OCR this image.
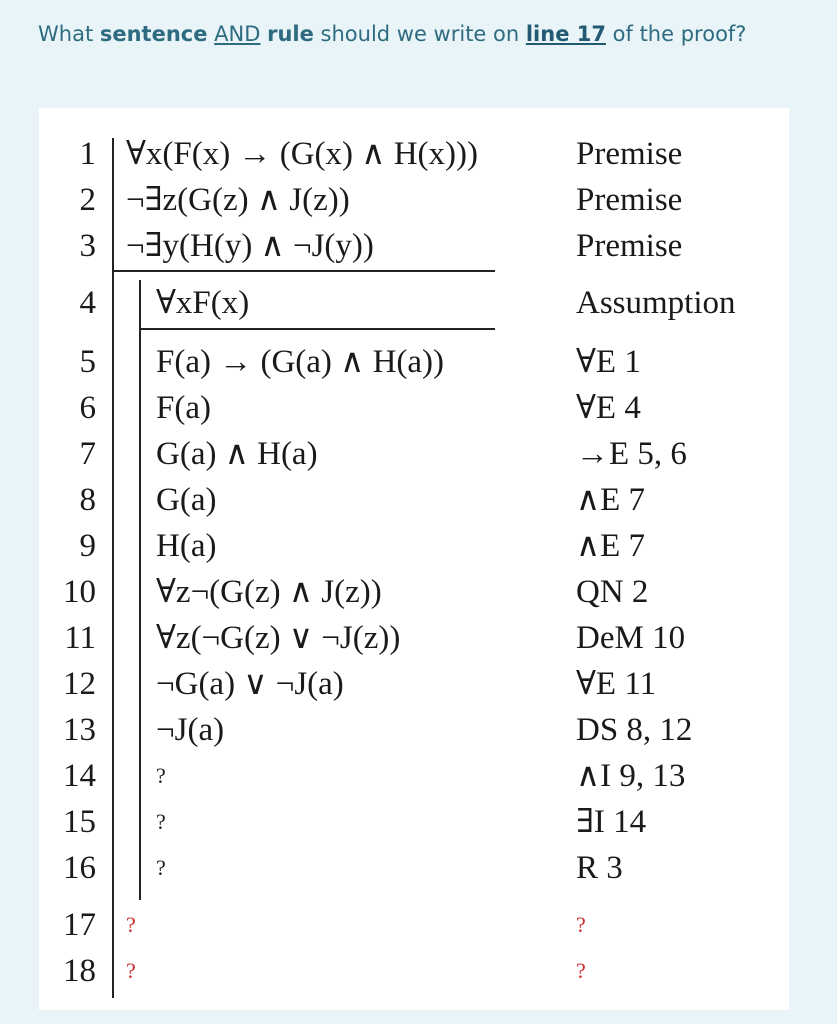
What sentence AND rule should we write on line 17 of the proof?
1 ∀x(F(x) → (G(x) ∧ H(x)))	Premise
2 ¬∃z(G(z) ∧ J(z))	Premise
3 ¬∃y(H(y) ∧ ¬J(y))	Premise
4 ∀xF(x)	Assumption
5 F(a) → (G(a) ∧ H(a))	∀E 1
6 F(a)	∀E 4
7 G(a) ∧ H(a)	→E 5, 6
8 G(a)	∧E 7
9 H(a)	∧E 7
10 ∀z¬(G(z) ∧ J(z))	QN 2
11 ∀z(¬G(z) ∨ ¬J(z))	DeM 10
12 ¬G(a) ∨ ¬J(a)	∀E 11
13 ¬J(a)	DS 8, 12
14	?	∧I 9, 13
15	?	∃I 14
16	?	R 3
17 ?	?
18 ?	?
